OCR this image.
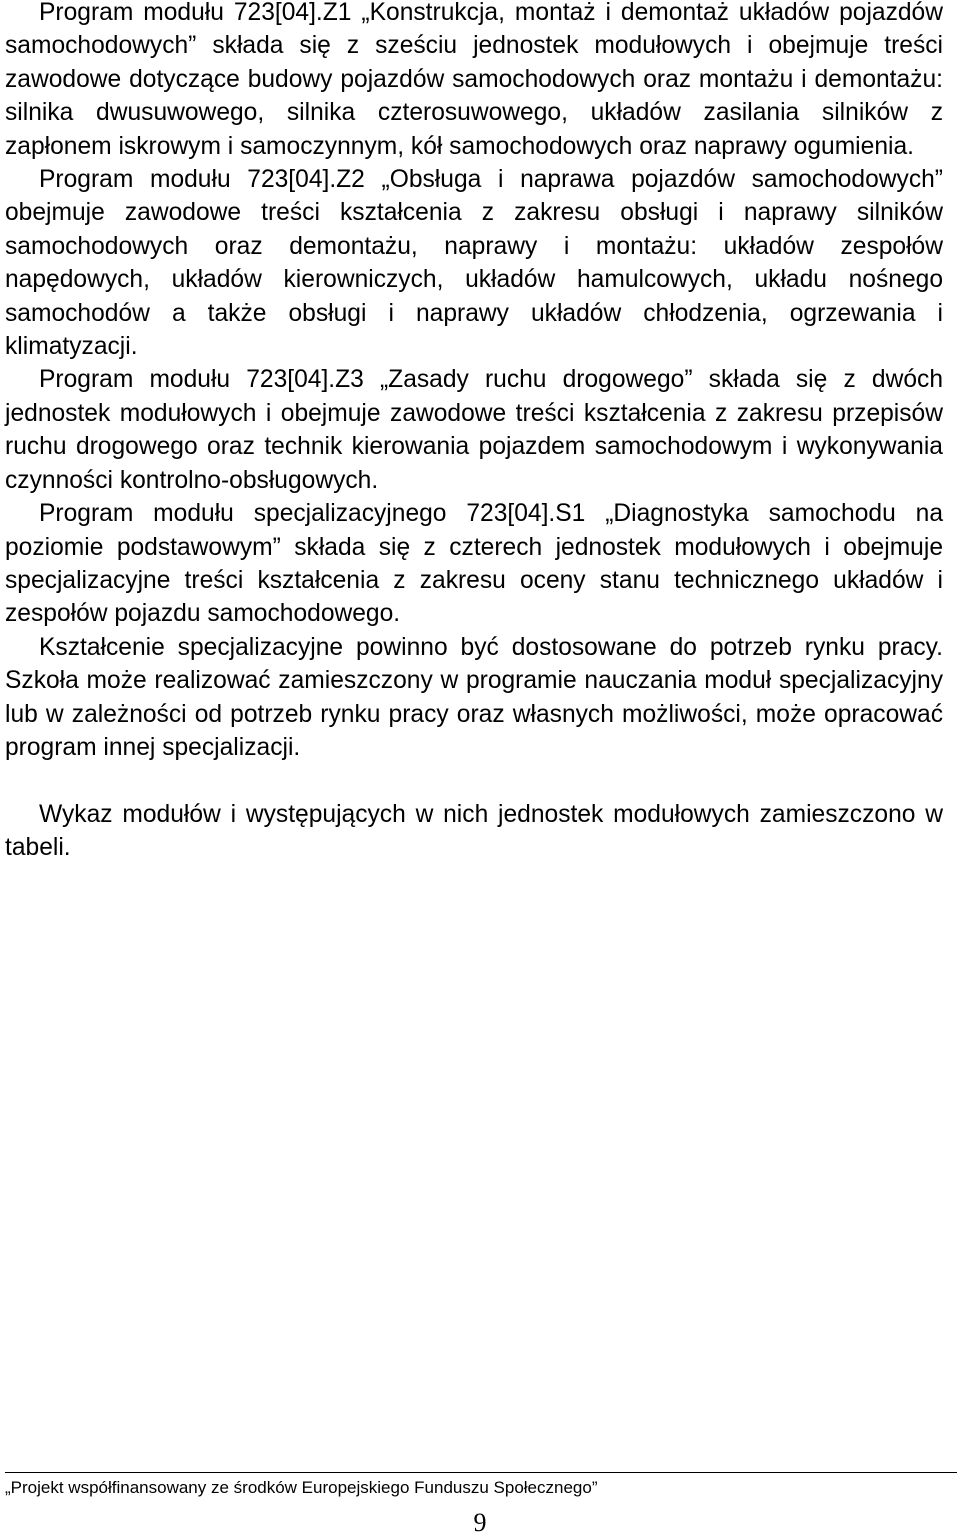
Program modułu 723[04].Z1 „Konstrukcja, montaż i demontaż układów pojazdów samochodowych” składa się z sześciu jednostek modułowych i obejmuje treści zawodowe dotyczące budowy pojazdów samochodowych oraz montażu i demontażu: silnika dwusuwowego, silnika czterosuwowego, układów zasilania silników z zapłonem iskrowym i samoczynnym, kół samochodowych oraz naprawy ogumienia.

Program modułu 723[04].Z2 „Obsługa i naprawa pojazdów samochodowych” obejmuje zawodowe treści kształcenia z zakresu obsługi i naprawy silników samochodowych oraz demontażu, naprawy i montażu: układów zespołów napędowych, układów kierowniczych, układów hamulcowych, układu nośnego samochodów a także obsługi i naprawy układów chłodzenia, ogrzewania i klimatyzacji.

Program modułu 723[04].Z3 „Zasady ruchu drogowego” składa się z dwóch jednostek modułowych i obejmuje zawodowe treści kształcenia z zakresu przepisów ruchu drogowego oraz technik kierowania pojazdem samochodowym i wykonywania czynności kontrolno-obsługowych.

Program modułu specjalizacyjnego 723[04].S1 „Diagnostyka samochodu na poziomie podstawowym” składa się z czterech jednostek modułowych i obejmuje specjalizacyjne treści kształcenia z zakresu oceny stanu technicznego układów i zespołów pojazdu samochodowego.

Kształcenie specjalizacyjne powinno być dostosowane do potrzeb rynku pracy. Szkoła może realizować zamieszczony w programie nauczania moduł specjalizacyjny lub w zależności od potrzeb rynku pracy oraz własnych możliwości, może opracować program innej specjalizacji.

Wykaz modułów i występujących w nich jednostek modułowych zamieszczono w tabeli.

„Projekt współfinansowany ze środków Europejskiego Funduszu Społecznego”
9
